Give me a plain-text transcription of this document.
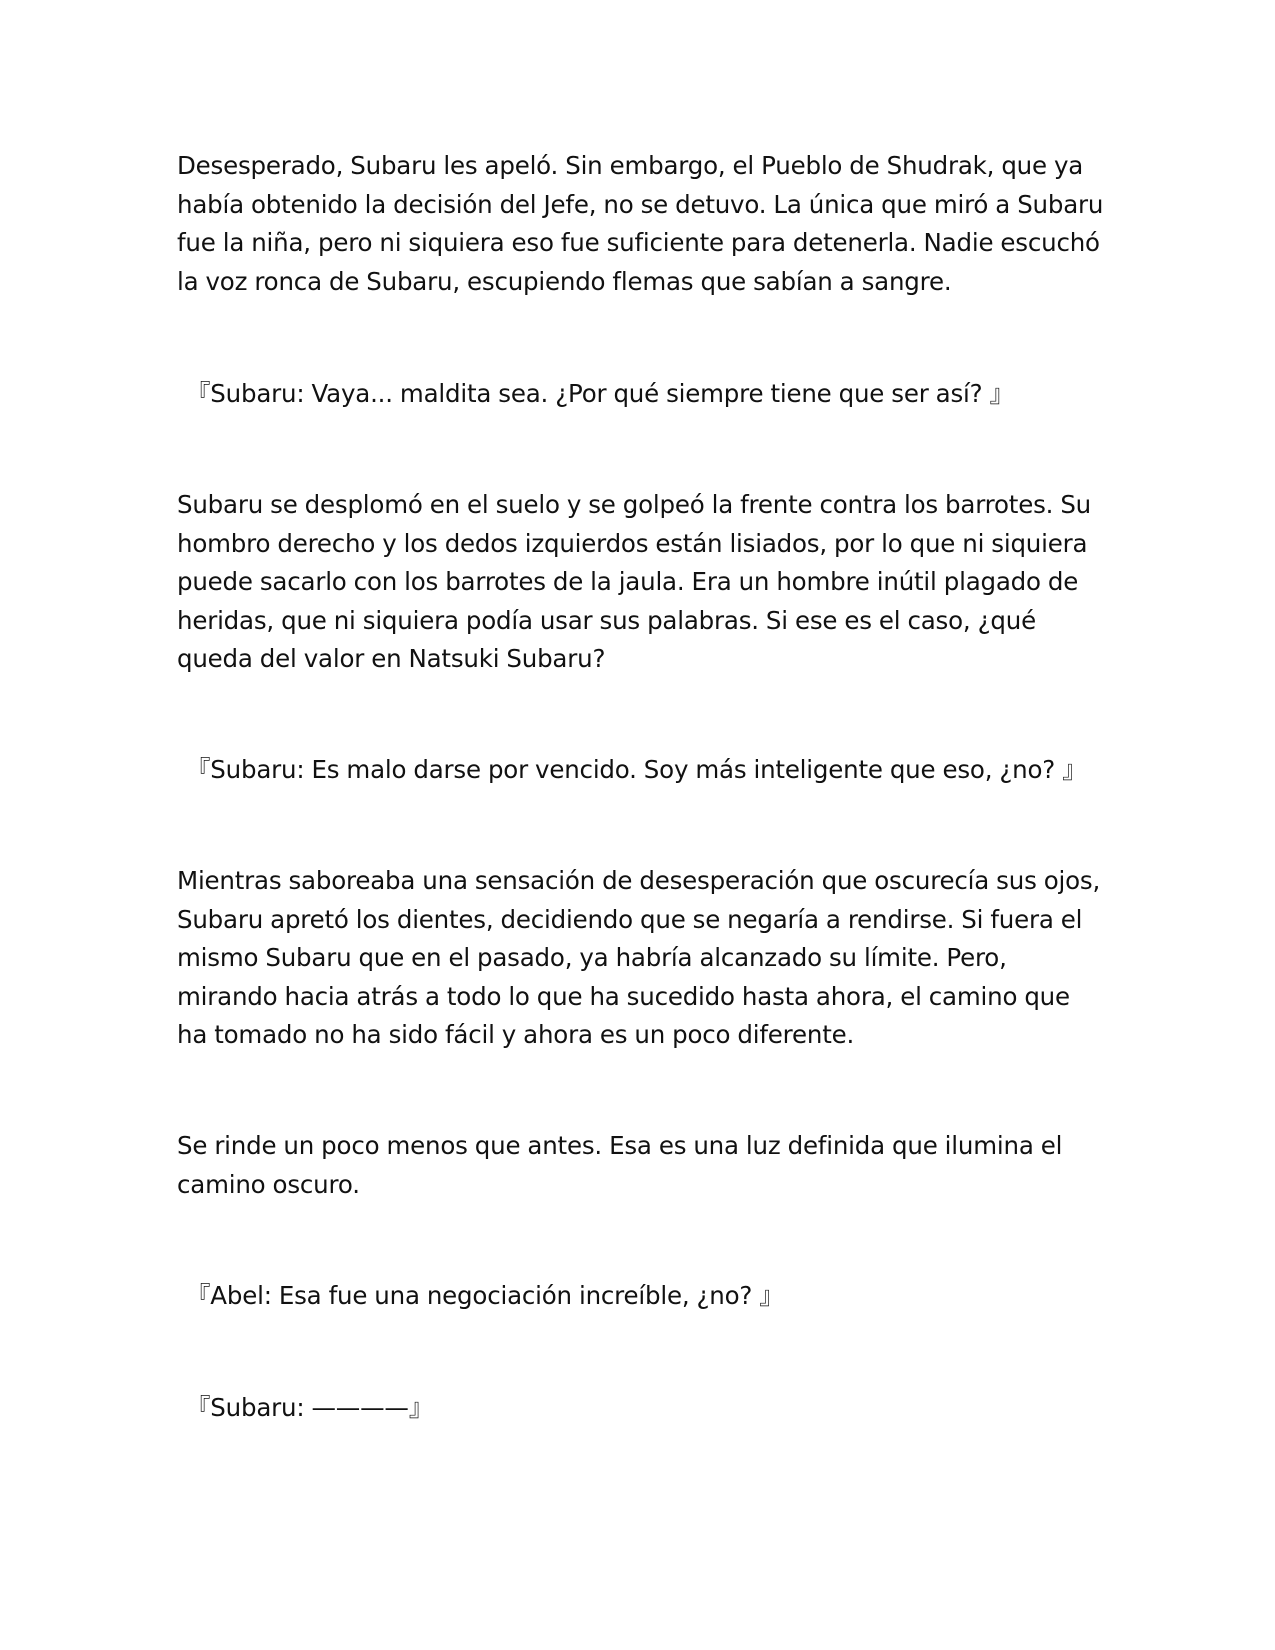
Desesperado, Subaru les apeló. Sin embargo, el Pueblo de Shudrak, que ya había obtenido la decisión del Jefe, no se detuvo. La única que miró a Subaru fue la niña, pero ni siquiera eso fue suficiente para detenerla. Nadie escuchó la voz ronca de Subaru, escupiendo flemas que sabían a sangre.

『Subaru: Vaya... maldita sea. ¿Por qué siempre tiene que ser así? 』

Subaru se desplomó en el suelo y se golpeó la frente contra los barrotes. Su hombro derecho y los dedos izquierdos están lisiados, por lo que ni siquiera puede sacarlo con los barrotes de la jaula. Era un hombre inútil plagado de heridas, que ni siquiera podía usar sus palabras. Si ese es el caso, ¿qué queda del valor en Natsuki Subaru?

『Subaru: Es malo darse por vencido. Soy más inteligente que eso, ¿no? 』

Mientras saboreaba una sensación de desesperación que oscurecía sus ojos, Subaru apretó los dientes, decidiendo que se negaría a rendirse. Si fuera el mismo Subaru que en el pasado, ya habría alcanzado su límite. Pero, mirando hacia atrás a todo lo que ha sucedido hasta ahora, el camino que ha tomado no ha sido fácil y ahora es un poco diferente.

Se rinde un poco menos que antes. Esa es una luz definida que ilumina el camino oscuro.

『Abel: Esa fue una negociación increíble, ¿no? 』

『Subaru: ————』
